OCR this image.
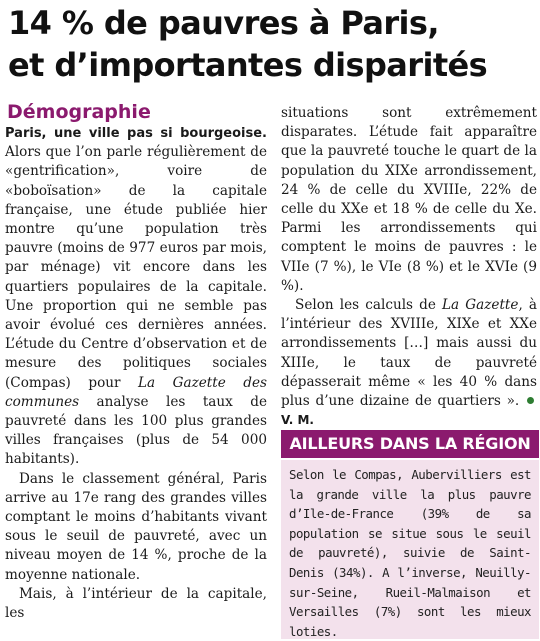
14 % de pauvres à Paris,
et d’importantes disparités
Démographie

Paris, une ville pas si bourgeoise. Alors que l’on parle régulièrement de «gentrification», voire de «boboïsation» de la capitale française, une étude publiée hier montre qu’une population très pauvre (moins de 977 euros par mois, par ménage) vit encore dans les quartiers populaires de la capitale. Une proportion qui ne semble pas avoir évolué ces dernières années. L’étude du Centre d’observation et de mesure des politiques sociales (Compas) pour La Gazette des communes analyse les taux de pauvreté dans les 100 plus grandes villes françaises (plus de 54 000 habitants).

Dans le classement général, Paris arrive au 17e rang des grandes villes comptant le moins d’habitants vivant sous le seuil de pauvreté, avec un niveau moyen de 14 %, proche de la moyenne nationale.

Mais, à l’intérieur de la capitale, les

situations sont extrêmement disparates. L’étude fait apparaître que la pauvreté touche le quart de la population du XIXe arrondissement, 24 % de celle du XVIIIe, 22% de celle du XXe et 18 % de celle du Xe. Parmi les arrondissements qui comptent le moins de pauvres : le VIIe (7 %), le VIe (8 %) et le XVIe (9 %).

Selon les calculs de La Gazette, à l’intérieur des XVIIIe, XIXe et XXe arrondissements […] mais aussi du XIIIe, le taux de pauvreté dépasserait même « les 40 % dans plus d’une dizaine de quartiers ». V. M.

AILLEURS DANS LA RÉGION

Selon le Compas, Aubervilliers est la grande ville la plus pauvre d’Ile-de-France (39% de sa population se situe sous le seuil de pauvreté), suivie de Saint-Denis (34%). A l’inverse, Neuilly-sur-Seine, Rueil-Malmaison et Versailles (7%) sont les mieux loties.
